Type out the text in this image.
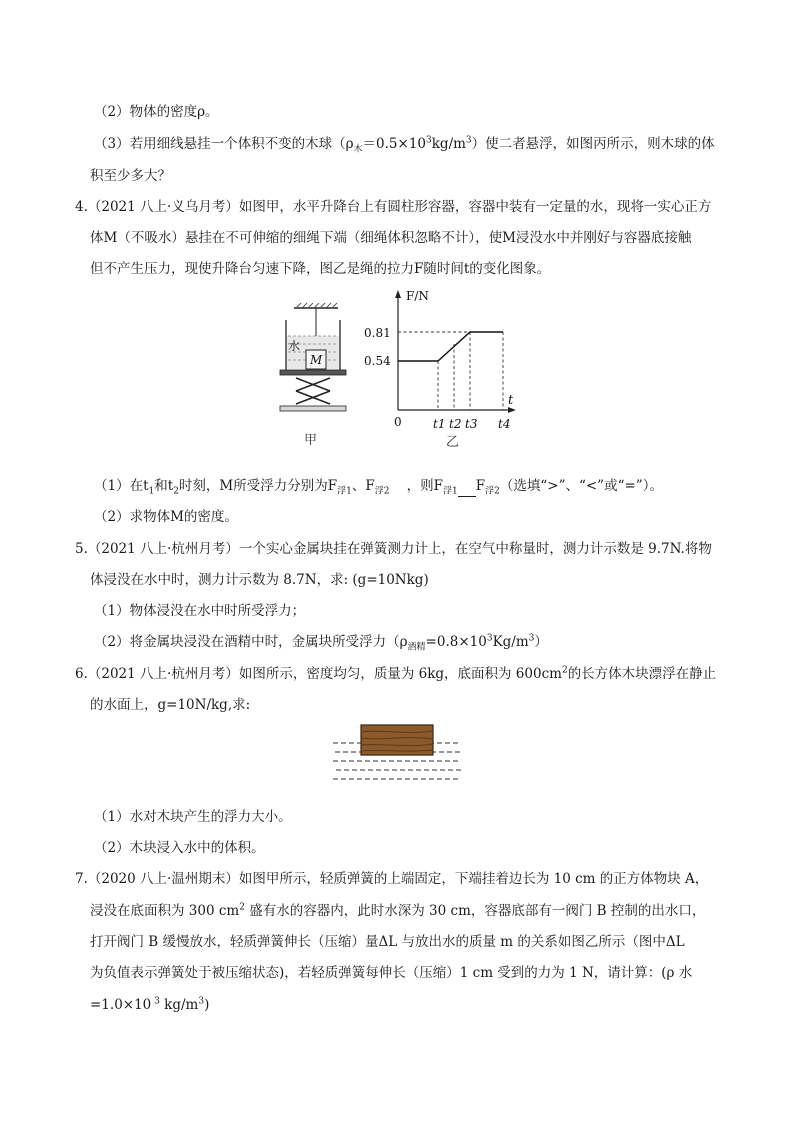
（2）物体的密度ρ。
（3）若用细线悬挂一个体积不变的木球$(\rho_木=0.5\times 10^3kg/m^3)$使二者悬浮，如图丙所示，则木球的体
积至少多大？
4.（2021 八上·义乌月考）如图甲，水平升降台上有圆柱形容器，容器中装有一定量的水，现将一实心正方
体M（不吸水）悬挂在不可伸缩的细绳下端（细绳体积忽略不计），使M浸没水中并刚好与容器底接触
但不产生压力，现使升降台匀速下降，图乙是绳的拉力F随时间t的变化图象。
水
M
甲
F/N
t
0
0.81
0.54
t1 t2 t3 t4
乙
（1）在$t_1$和$t_2$时刻，M所受浮力分别为$F_{浮1}$、$F_{浮2}$ ，则$F_{浮1}$ $F_{浮2}$（选填“>”、“<”或“=”）。
（2）求物体M的密度。
5.（2021 八上·杭州月考）一个实心金属块挂在弹簧测力计上，在空气中称量时，测力计示数是 9.7N.将物
体浸没在水中时，测力计示数为 8.7N，求: (g=10Nkg)
（1）物体浸没在水中时所受浮力；
（2）将金属块浸没在酒精中时，金属块所受浮力$(\rho_{酒精}=0.8\times 10^3Kg/m^3)$
6.（2021 八上·杭州月考）如图所示，密度均匀，质量为 6kg，底面积为 $600cm^2$的长方体木块漂浮在静止
的水面上，g=10N/kg,求:
（1）水对木块产生的浮力大小。
（2）木块浸入水中的体积。
7.（2020 八上·温州期末）如图甲所示，轻质弹簧的上端固定，下端挂着边长为 10 cm 的正方体物块 A，
浸没在底面积为 300 $cm^2$ 盛有水的容器内，此时水深为 30 cm，容器底部有一阀门 B 控制的出水口，
打开阀门 B 缓慢放水，轻质弹簧伸长（压缩）量ΔL 与放出水的质量 m 的关系如图乙所示（图中ΔL
为负值表示弹簧处于被压缩状态)，若轻质弹簧每伸长（压缩）1 cm 受到的力为 1 N，请计算：(ρ 水
=1.0×10 $^3$ $kg/m^3$)
